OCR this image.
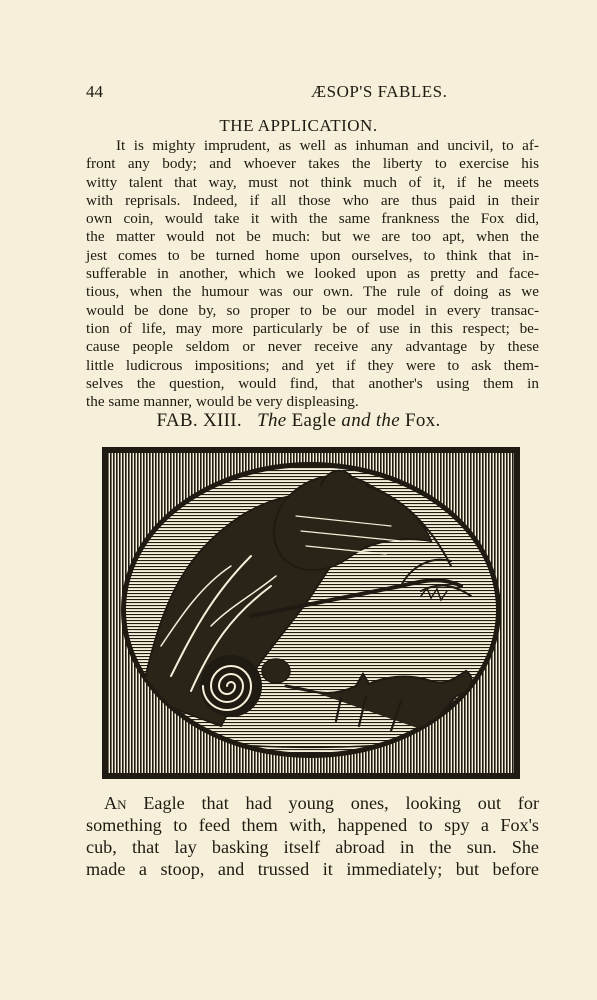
44	ÆSOP'S FABLES.
THE APPLICATION.
It is mighty imprudent, as well as inhuman and uncivil, to af-
front any body; and whoever takes the liberty to exercise his
witty talent that way, must not think much of it, if he meets
with reprisals. Indeed, if all those who are thus paid in their
own coin, would take it with the same frankness the Fox did,
the matter would not be much: but we are too apt, when the
jest comes to be turned home upon ourselves, to think that in-
sufferable in another, which we looked upon as pretty and face-
tious, when the humour was our own. The rule of doing as we
would be done by, so proper to be our model in every transac-
tion of life, may more particularly be of use in this respect; be-
cause people seldom or never receive any advantage by these
little ludicrous impositions; and yet if they were to ask them-
selves the question, would find, that another's using them in
the same manner, would be very displeasing.
FAB. XIII. The Eagle and the Fox.
An Eagle that had young ones, looking out for
something to feed them with, happened to spy a Fox's
cub, that lay basking itself abroad in the sun. She
made a stoop, and trussed it immediately; but before
